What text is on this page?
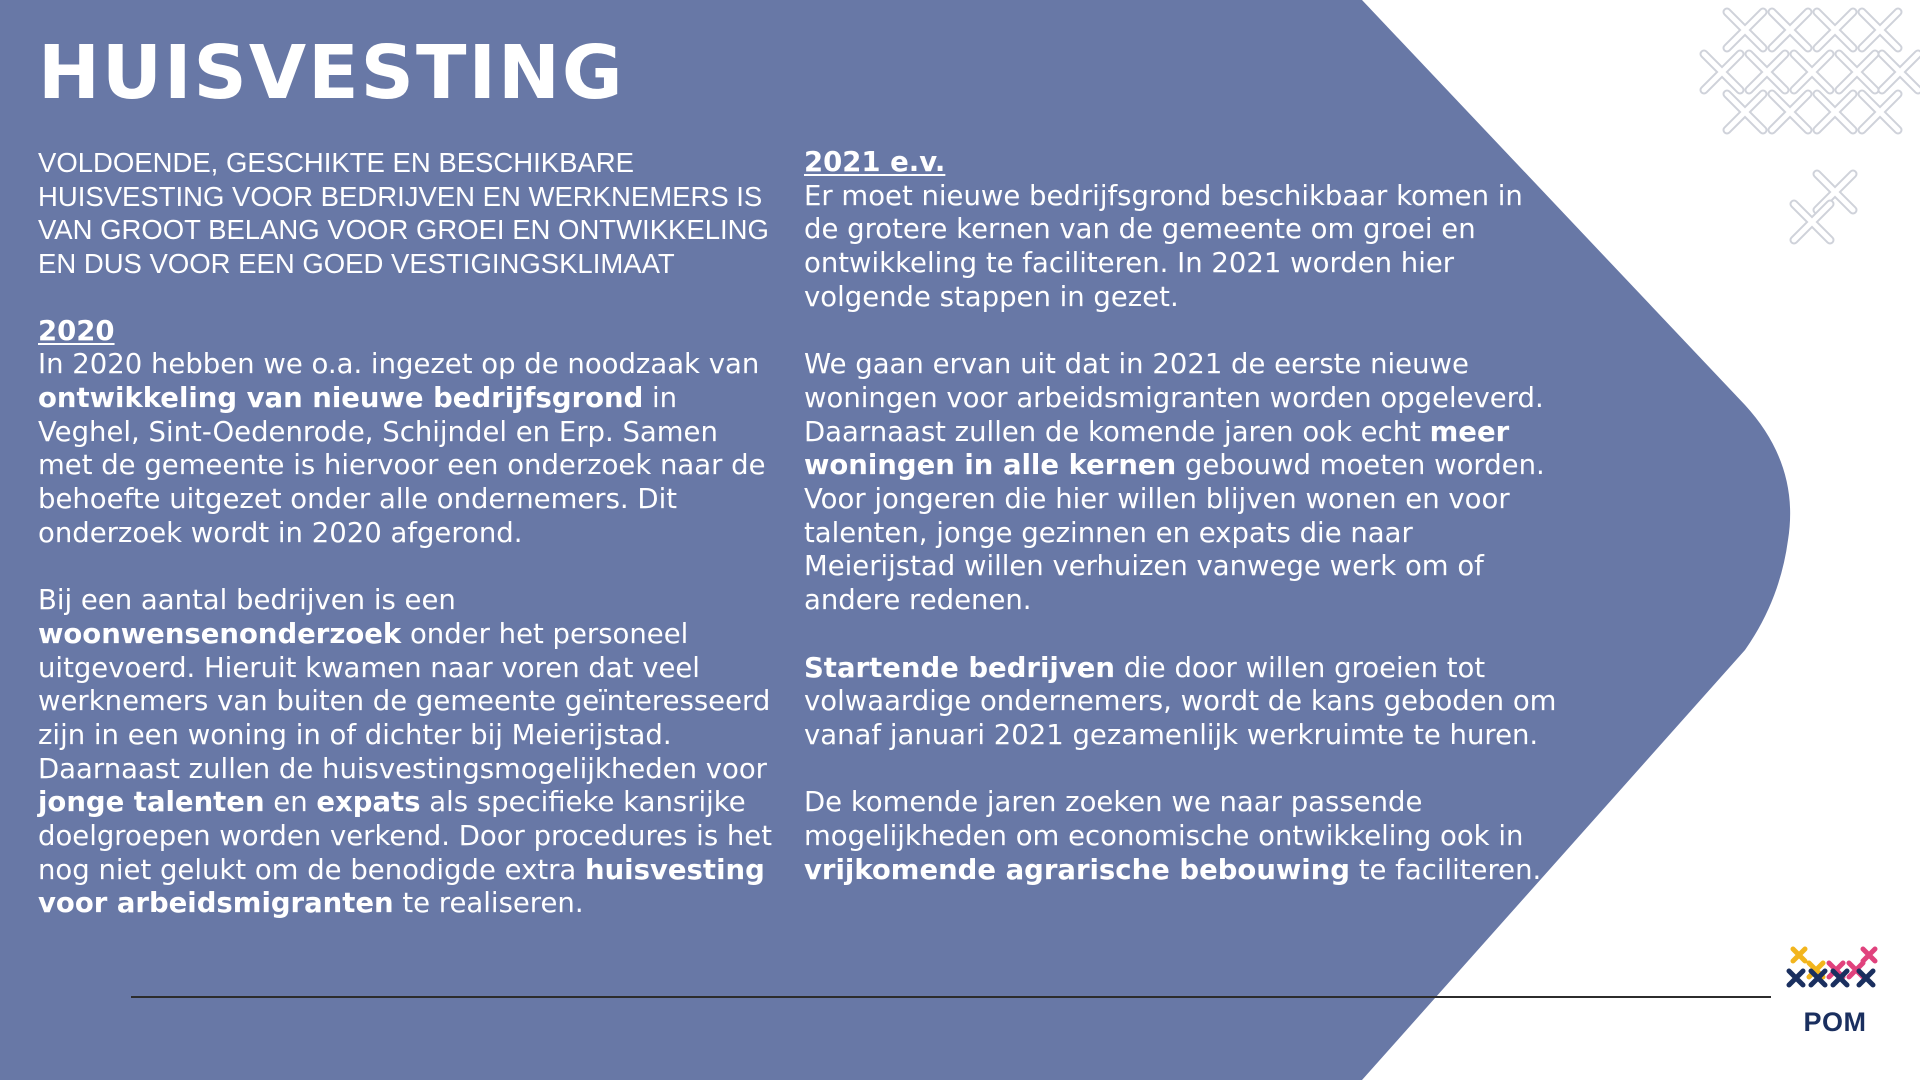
HUISVESTING

VOLDOENDE, GESCHIKTE EN BESCHIKBARE HUISVESTING VOOR BEDRIJVEN EN WERKNEMERS IS VAN GROOT BELANG VOOR GROEI EN ONTWIKKELING EN DUS VOOR EEN GOED VESTIGINGSKLIMAAT

2020

In 2020 hebben we o.a. ingezet op de noodzaak van ontwikkeling van nieuwe bedrijfsgrond in Veghel, Sint-Oedenrode, Schijndel en Erp. Samen met de gemeente is hiervoor een onderzoek naar de behoefte uitgezet onder alle ondernemers. Dit onderzoek wordt in 2020 afgerond.

Bij een aantal bedrijven is een woonwensenonderzoek onder het personeel uitgevoerd. Hieruit kwamen naar voren dat veel werknemers van buiten de gemeente geïnteresseerd zijn in een woning in of dichter bij Meierijstad. Daarnaast zullen de huisvestingsmogelijkheden voor jonge talenten en expats als specifieke kansrijke doelgroepen worden verkend. Door procedures is het nog niet gelukt om de benodigde extra huisvesting voor arbeidsmigranten te realiseren.

2021 e.v.

Er moet nieuwe bedrijfsgrond beschikbaar komen in de grotere kernen van de gemeente om groei en ontwikkeling te faciliteren. In 2021 worden hier volgende stappen in gezet.

We gaan ervan uit dat in 2021 de eerste nieuwe woningen voor arbeidsmigranten worden opgeleverd. Daarnaast zullen de komende jaren ook echt meer woningen in alle kernen gebouwd moeten worden. Voor jongeren die hier willen blijven wonen en voor talenten, jonge gezinnen en expats die naar Meierijstad willen verhuizen vanwege werk om of andere redenen.

Startende bedrijven die door willen groeien tot volwaardige ondernemers, wordt de kans geboden om vanaf januari 2021 gezamenlijk werkruimte te huren.

De komende jaren zoeken we naar passende mogelijkheden om economische ontwikkeling ook in vrijkomende agrarische bebouwing te faciliteren.

POM
